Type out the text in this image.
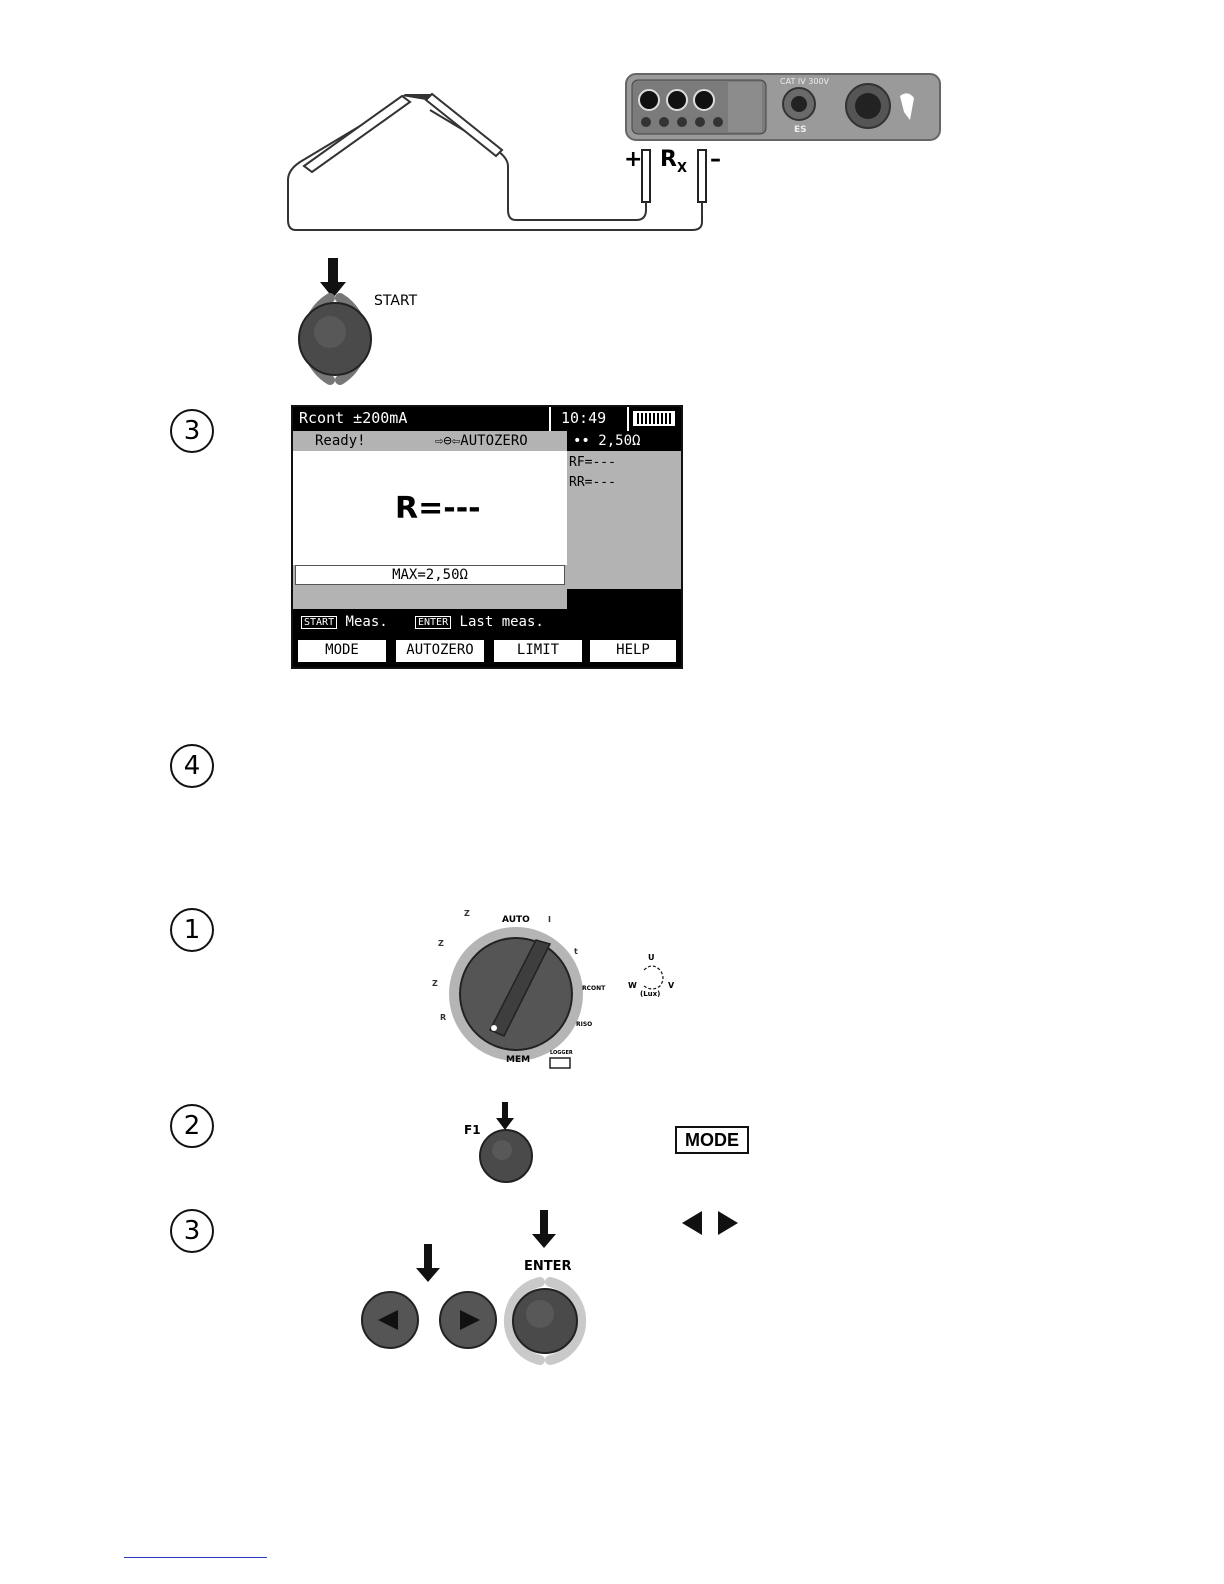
CAT IV 300V
ES
+ $R_X$ –
START
3
4
1
2
3
Rcont ±200mA	10:49
Ready!	⇨⊖⇦AUTOZERO
R=---
MAX=2,50Ω
•• 2,50Ω
RF=---
RR=---
START Meas.	ENTER Last meas.
MODE	AUTOZERO	LIMIT	HELP
AUTO
MEM
LOGGER
RISO
RCONT
Z
Z
Z
R
I
t
U
W	V
(Lux)
F1	MODE
ENTER
